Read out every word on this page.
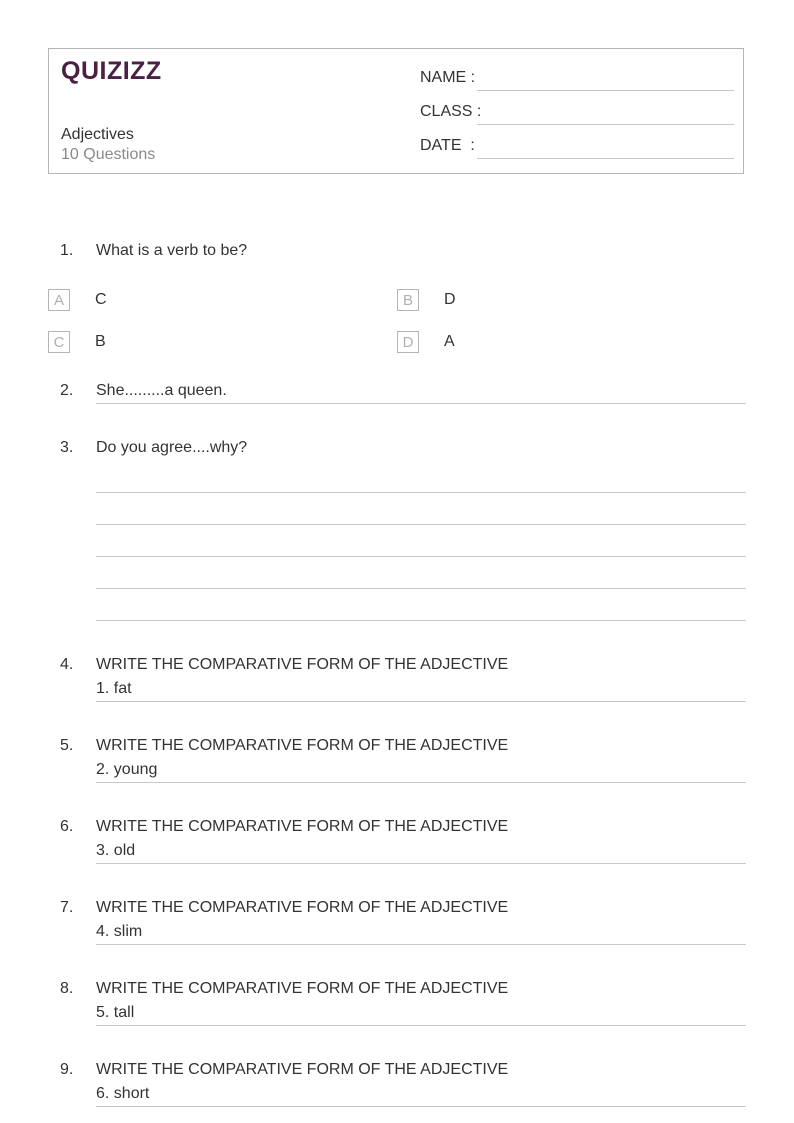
QUIZIZZ
Adjectives
10 Questions
NAME :
CLASS :
DATE  :
1. What is a verb to be?
A	C	B	D
C	B	D	A
2. She.........a queen.
3. Do you agree....why?
4. WRITE THE COMPARATIVE FORM OF THE ADJECTIVE
1. fat
5. WRITE THE COMPARATIVE FORM OF THE ADJECTIVE
2. young
6. WRITE THE COMPARATIVE FORM OF THE ADJECTIVE
3. old
7. WRITE THE COMPARATIVE FORM OF THE ADJECTIVE
4. slim
8. WRITE THE COMPARATIVE FORM OF THE ADJECTIVE
5. tall
9. WRITE THE COMPARATIVE FORM OF THE ADJECTIVE
6. short
